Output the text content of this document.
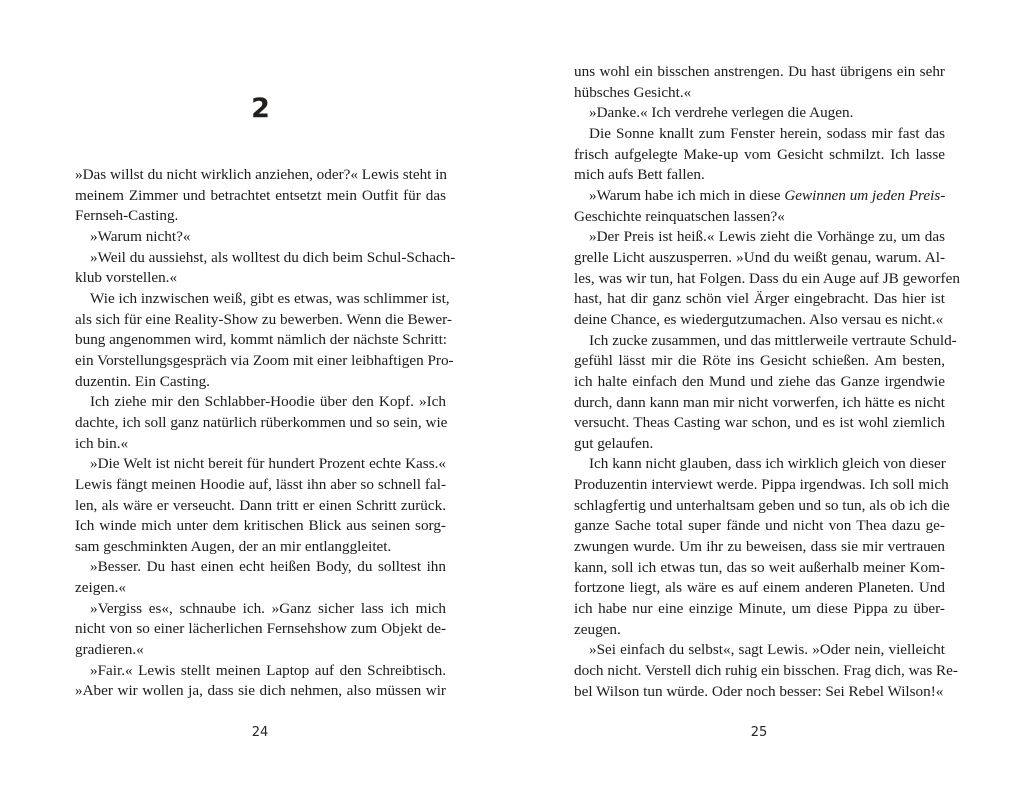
2

»Das willst du nicht wirklich anziehen, oder?« Lewis steht in
meinem Zimmer und betrachtet entsetzt mein Outfit für das
Fernseh-Casting.

»Warum nicht?«

»Weil du aussiehst, als wolltest du dich beim Schul-Schach-
klub vorstellen.«

Wie ich inzwischen weiß, gibt es etwas, was schlimmer ist,
als sich für eine Reality-Show zu bewerben. Wenn die Bewer-
bung angenommen wird, kommt nämlich der nächste Schritt:
ein Vorstellungsgespräch via Zoom mit einer leibhaftigen Pro-
duzentin. Ein Casting.

Ich ziehe mir den Schlabber-Hoodie über den Kopf. »Ich
dachte, ich soll ganz natürlich rüberkommen und so sein, wie
ich bin.«

»Die Welt ist nicht bereit für hundert Prozent echte Kass.«
Lewis fängt meinen Hoodie auf, lässt ihn aber so schnell fal-
len, als wäre er verseucht. Dann tritt er einen Schritt zurück.
Ich winde mich unter dem kritischen Blick aus seinen sorg-
sam geschminkten Augen, der an mir entlanggleitet.

»Besser. Du hast einen echt heißen Body, du solltest ihn
zeigen.«

»Vergiss es«, schnaube ich. »Ganz sicher lass ich mich
nicht von so einer lächerlichen Fernsehshow zum Objekt de-
gradieren.«

»Fair.« Lewis stellt meinen Laptop auf den Schreibtisch.
»Aber wir wollen ja, dass sie dich nehmen, also müssen wir

24

uns wohl ein bisschen anstrengen. Du hast übrigens ein sehr
hübsches Gesicht.«

»Danke.« Ich verdrehe verlegen die Augen.

Die Sonne knallt zum Fenster herein, sodass mir fast das
frisch aufgelegte Make-up vom Gesicht schmilzt. Ich lasse
mich aufs Bett fallen.

»Warum habe ich mich in diese Gewinnen um jeden Preis-
Geschichte reinquatschen lassen?«

»Der Preis ist heiß.« Lewis zieht die Vorhänge zu, um das
grelle Licht auszusperren. »Und du weißt genau, warum. Al-
les, was wir tun, hat Folgen. Dass du ein Auge auf JB geworfen
hast, hat dir ganz schön viel Ärger eingebracht. Das hier ist
deine Chance, es wiedergutzumachen. Also versau es nicht.«

Ich zucke zusammen, und das mittlerweile vertraute Schuld-
gefühl lässt mir die Röte ins Gesicht schießen. Am besten,
ich halte einfach den Mund und ziehe das Ganze irgendwie
durch, dann kann man mir nicht vorwerfen, ich hätte es nicht
versucht. Theas Casting war schon, und es ist wohl ziemlich
gut gelaufen.

Ich kann nicht glauben, dass ich wirklich gleich von dieser
Produzentin interviewt werde. Pippa irgendwas. Ich soll mich
schlagfertig und unterhaltsam geben und so tun, als ob ich die
ganze Sache total super fände und nicht von Thea dazu ge-
zwungen wurde. Um ihr zu beweisen, dass sie mir vertrauen
kann, soll ich etwas tun, das so weit außerhalb meiner Kom-
fortzone liegt, als wäre es auf einem anderen Planeten. Und
ich habe nur eine einzige Minute, um diese Pippa zu über-
zeugen.

»Sei einfach du selbst«, sagt Lewis. »Oder nein, vielleicht
doch nicht. Verstell dich ruhig ein bisschen. Frag dich, was Re-
bel Wilson tun würde. Oder noch besser: Sei Rebel Wilson!«

25
